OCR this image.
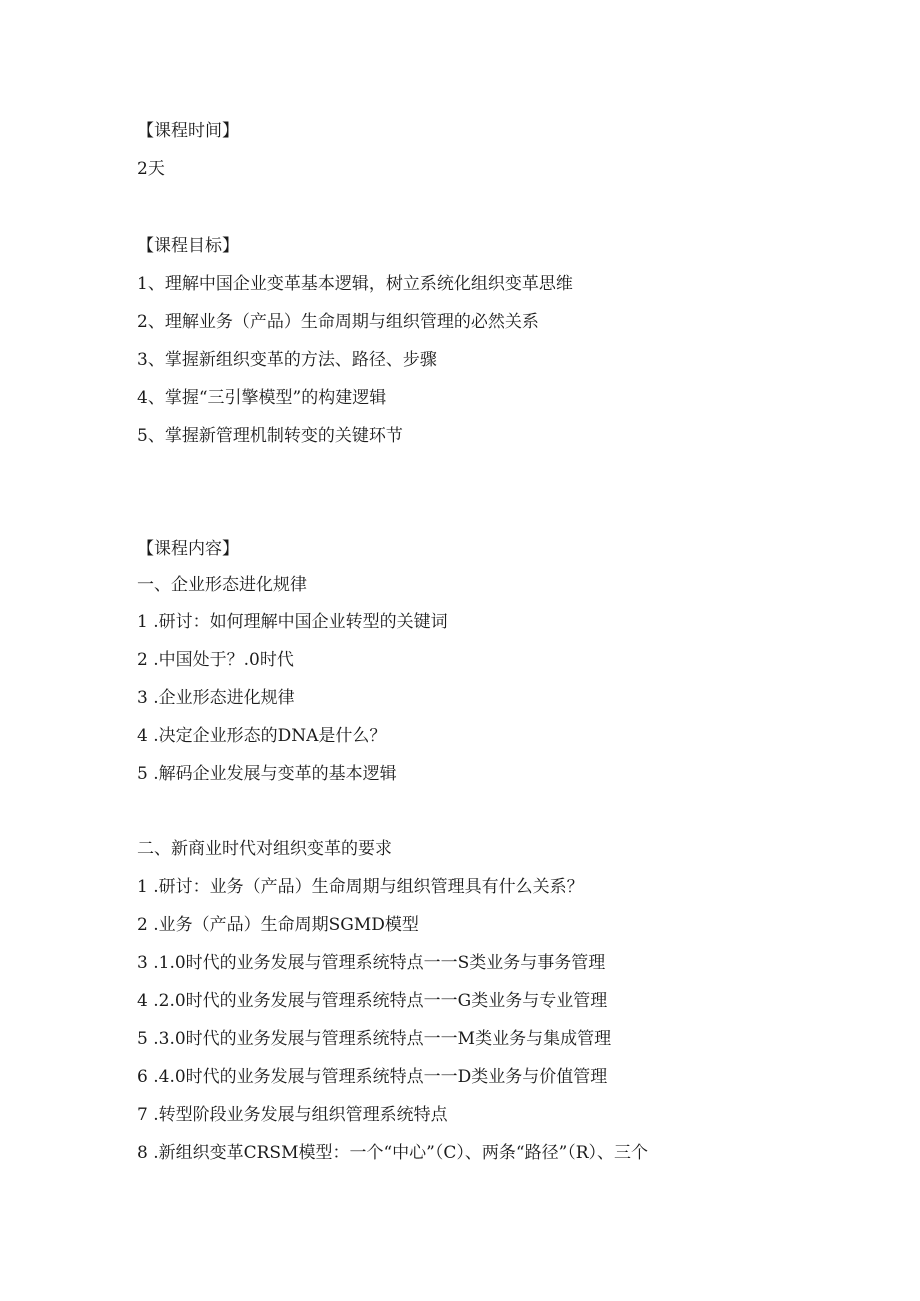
【课程时间】
2天
【课程目标】
1、理解中国企业变革基本逻辑，树立系统化组织变革思维
2、理解业务（产品）生命周期与组织管理的必然关系
3、掌握新组织变革的方法、路径、步骤
4、掌握“三引擎模型”的构建逻辑
5、掌握新管理机制转变的关键环节
【课程内容】
一、企业形态进化规律
1 .研讨：如何理解中国企业转型的关键词
2 .中国处于？.0时代
3 .企业形态进化规律
4 .决定企业形态的DNA是什么？
5 .解码企业发展与变革的基本逻辑
二、新商业时代对组织变革的要求
1 .研讨：业务（产品）生命周期与组织管理具有什么关系？
2 .业务（产品）生命周期SGMD模型
3 .1.0时代的业务发展与管理系统特点一一S类业务与事务管理
4 .2.0时代的业务发展与管理系统特点一一G类业务与专业管理
5 .3.0时代的业务发展与管理系统特点一一M类业务与集成管理
6 .4.0时代的业务发展与管理系统特点一一D类业务与价值管理
7 .转型阶段业务发展与组织管理系统特点
8 .新组织变革CRSM模型：一个“中心”（C）、两条“路径”（R）、三个
